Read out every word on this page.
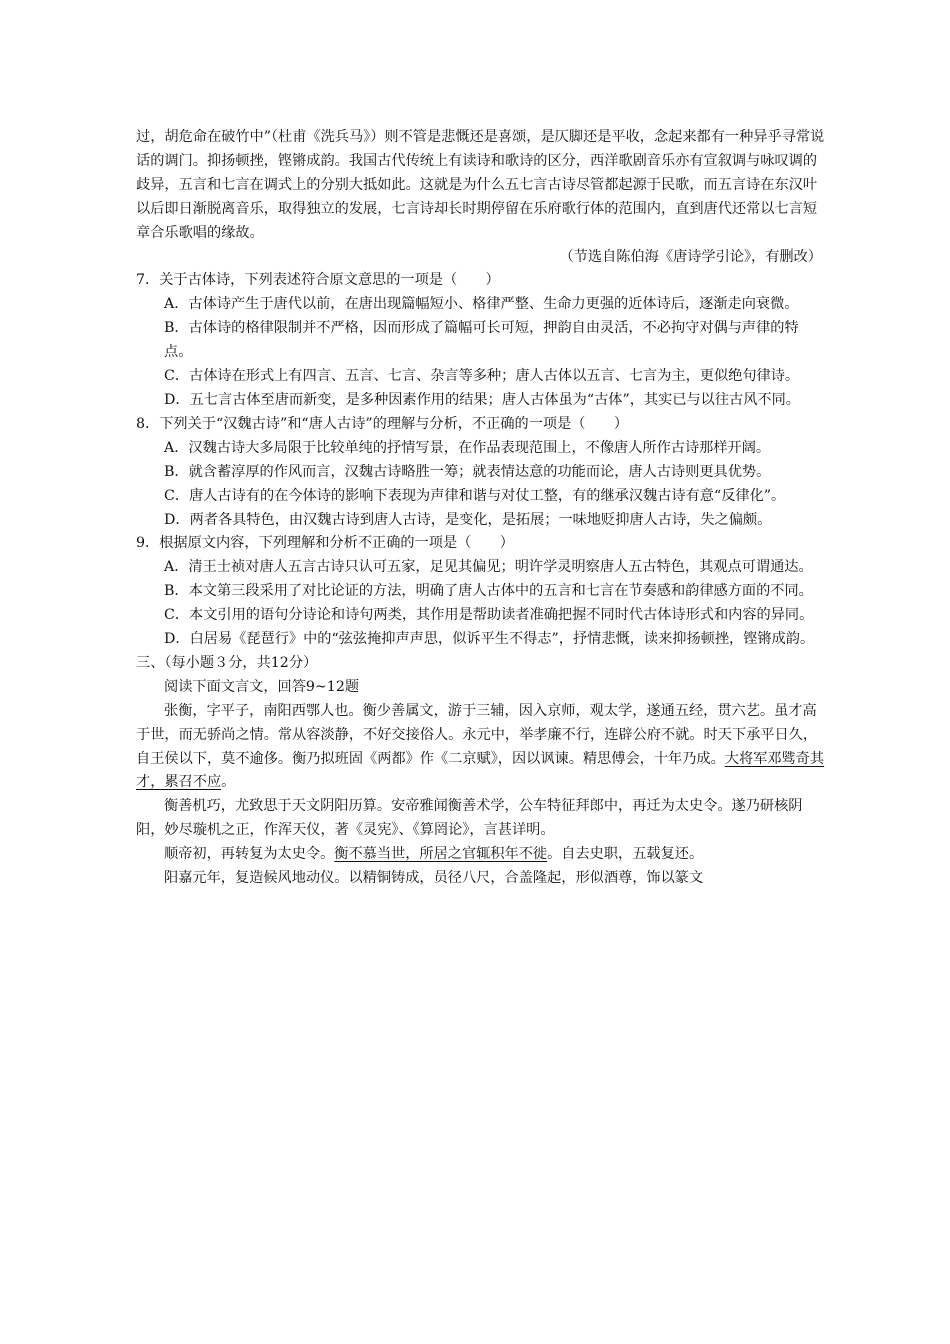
过，胡危命在破竹中”（杜甫《洗兵马》）则不管是悲慨还是喜颂，是仄脚还是平收，念起来都有一种异乎寻常说话的调门。抑扬顿挫，铿锵成韵。我国古代传统上有读诗和歌诗的区分，西洋歌剧音乐亦有宣叙调与咏叹调的歧异，五言和七言在调式上的分别大抵如此。这就是为什么五七言古诗尽管都起源于民歌，而五言诗在东汉叶以后即日渐脱离音乐，取得独立的发展，七言诗却长时期停留在乐府歌行体的范围内，直到唐代还常以七言短章合乐歌唱的缘故。

（节选自陈伯海《唐诗学引论》，有删改）

7．关于古体诗，下列表述符合原文意思的一项是（　　）

A．古体诗产生于唐代以前，在唐出现篇幅短小、格律严整、生命力更强的近体诗后，逐渐走向衰微。

B．古体诗的格律限制并不严格，因而形成了篇幅可长可短，押韵自由灵活，不必拘守对偶与声律的特点。

C．古体诗在形式上有四言、五言、七言、杂言等多种；唐人古体以五言、七言为主，更似绝句律诗。

D．五七言古体至唐而新变，是多种因素作用的结果；唐人古体虽为“古体”，其实已与以往古风不同。

8．下列关于“汉魏古诗”和“唐人古诗”的理解与分析，不正确的一项是（　　）

A．汉魏古诗大多局限于比较单纯的抒情写景，在作品表现范围上，不像唐人所作古诗那样开阔。

B．就含蓄淳厚的作风而言，汉魏古诗略胜一筹；就表情达意的功能而论，唐人古诗则更具优势。

C．唐人古诗有的在今体诗的影响下表现为声律和谐与对仗工整，有的继承汉魏古诗有意“反律化”。

D．两者各具特色，由汉魏古诗到唐人古诗，是变化，是拓展；一味地贬抑唐人古诗，失之偏颇。

9．根据原文内容，下列理解和分析不正确的一项是（　　）

A．清王士祯对唐人五言古诗只认可五家，足见其偏见；明许学灵明察唐人五古特色，其观点可谓通达。

B．本文第三段采用了对比论证的方法，明确了唐人古体中的五言和七言在节奏感和韵律感方面的不同。

C．本文引用的语句分诗论和诗句两类，其作用是帮助读者准确把握不同时代古体诗形式和内容的异同。

D．白居易《琵琶行》中的“弦弦掩抑声声思，似诉平生不得志”，抒情悲慨，读来抑扬顿挫，铿锵成韵。

三、（每小题３分，共12分）

阅读下面文言文，回答9~12题

张衡，字平子，南阳西鄂人也。衡少善属文，游于三辅，因入京师，观太学，遂通五经，贯六艺。虽才高于世，而无骄尚之情。常从容淡静，不好交接俗人。永元中，举孝廉不行，连辟公府不就。时天下承平日久，自王侯以下，莫不逾侈。衡乃拟班固《两都》作《二京赋》，因以讽谏。精思傅会，十年乃成。大将军邓骘奇其才，累召不应。

衡善机巧，尤致思于天文阴阳历算。安帝雅闻衡善术学，公车特征拜郎中，再迁为太史令。遂乃研核阴阳，妙尽璇机之正，作浑天仪，著《灵宪》、《算罔论》，言甚详明。

顺帝初，再转复为太史令。衡不慕当世，所居之官辄积年不徙。自去史职，五载复还。

阳嘉元年，复造候风地动仪。以精铜铸成，员径八尺，合盖隆起，形似酒尊，饰以篆文
